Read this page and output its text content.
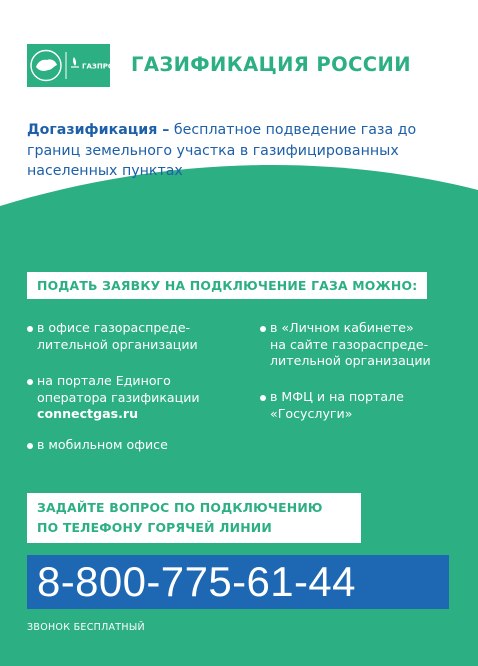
ГАЗПРОМ ГАЗИФИКАЦИЯ РОССИИ
Догазификация – бесплатное подведение газа до границ земельного участка в газифицированных населенных пунктах
ПОДАТЬ ЗАЯВКУ НА ПОДКЛЮЧЕНИЕ ГАЗА МОЖНО:
в офисе газораспреде-
лительной организации
на портале Единого
оператора газификации
connectgas.ru
в мобильном офисе
в «Личном кабинете»
на сайте газораспреде-
лительной организации
в МФЦ и на портале
«Госуслуги»
ЗАДАЙТЕ ВОПРОС ПО ПОДКЛЮЧЕНИЮ
ПО ТЕЛЕФОНУ ГОРЯЧЕЙ ЛИНИИ
8-800-775-61-44
ЗВОНОК БЕСПЛАТНЫЙ
